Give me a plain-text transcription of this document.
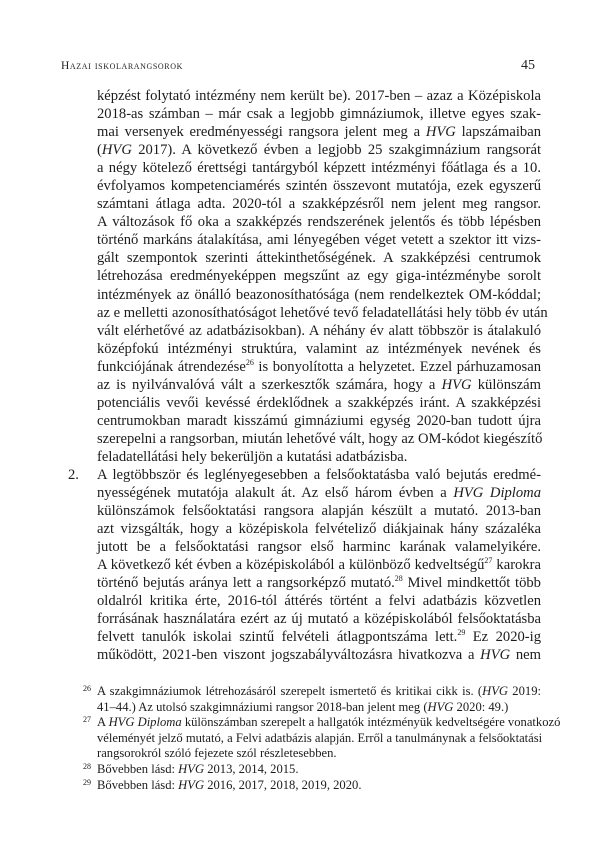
Hazai iskolarangsorok	45
képzést folytató intézmény nem került be). 2017-ben – azaz a Középiskola
2018-as számban – már csak a legjobb gimnáziumok, illetve egyes szak-
mai versenyek eredményességi rangsora jelent meg a HVG lapszámaiban
(HVG 2017). A következő évben a legjobb 25 szakgimnázium rangsorát
a négy kötelező érettségi tantárgyból képzett intézményi főátlaga és a 10.
évfolyamos kompetenciamérés szintén összevont mutatója, ezek egyszerű
számtani átlaga adta. 2020-tól a szakképzésről nem jelent meg rangsor.
A változások fő oka a szakképzés rendszerének jelentős és több lépésben
történő markáns átalakítása, ami lényegében véget vetett a szektor itt vizs-
gált szempontok szerinti áttekinthetőségének. A szakképzési centrumok
létrehozása eredményeképpen megszűnt az egy giga-intézménybe sorolt
intézmények az önálló beazonosíthatósága (nem rendelkeztek OM-kóddal;
az e melletti azonosíthatóságot lehetővé tevő feladatellátási hely több év után
vált elérhetővé az adatbázisokban). A néhány év alatt többször is átalakuló
középfokú intézményi struktúra, valamint az intézmények nevének és
funkciójának átrendezése$^{26}$ is bonyolította a helyzetet. Ezzel párhuzamosan
az is nyilvánvalóvá vált a szerkesztők számára, hogy a HVG különszám
potenciális vevői kevéssé érdeklődnek a szakképzés iránt. A szakképzési
centrumokban maradt kisszámú gimnáziumi egység 2020-ban tudott újra
szerepelni a rangsorban, miután lehetővé vált, hogy az OM-kódot kiegészítő
feladatellátási hely bekerüljön a kutatási adatbázisba.
2. A legtöbbször és leglényegesebben a felsőoktatásba való bejutás eredmé-
nyességének mutatója alakult át. Az első három évben a HVG Diploma
különszámok felsőoktatási rangsora alapján készült a mutató. 2013-ban
azt vizsgálták, hogy a középiskola felvételiző diákjainak hány százaléka
jutott be a felsőoktatási rangsor első harminc karának valamelyikére.
A következő két évben a középiskolából a különböző kedveltségű$^{27}$ karokra
történő bejutás aránya lett a rangsorképző mutató.$^{28}$ Mivel mindkettőt több
oldalról kritika érte, 2016-tól áttérés történt a felvi adatbázis közvetlen
forrásának használatára ezért az új mutató a középiskolából felsőoktatásba
felvett tanulók iskolai szintű felvételi átlagpontszáma lett.$^{29}$ Ez 2020-ig
működött, 2021-ben viszont jogszabályváltozásra hivatkozva a HVG nem
26 A szakgimnáziumok létrehozásáról szerepelt ismertető és kritikai cikk is. (HVG 2019:
41–44.) Az utolsó szakgimnáziumi rangsor 2018-ban jelent meg (HVG 2020: 49.)
27 A HVG Diploma különszámban szerepelt a hallgatók intézményük kedveltségére vonatkozó
véleményét jelző mutató, a Felvi adatbázis alapján. Erről a tanulmánynak a felsőoktatási
rangsorokról szóló fejezete szól részletesebben.
28 Bővebben lásd: HVG 2013, 2014, 2015.
29 Bővebben lásd: HVG 2016, 2017, 2018, 2019, 2020.
